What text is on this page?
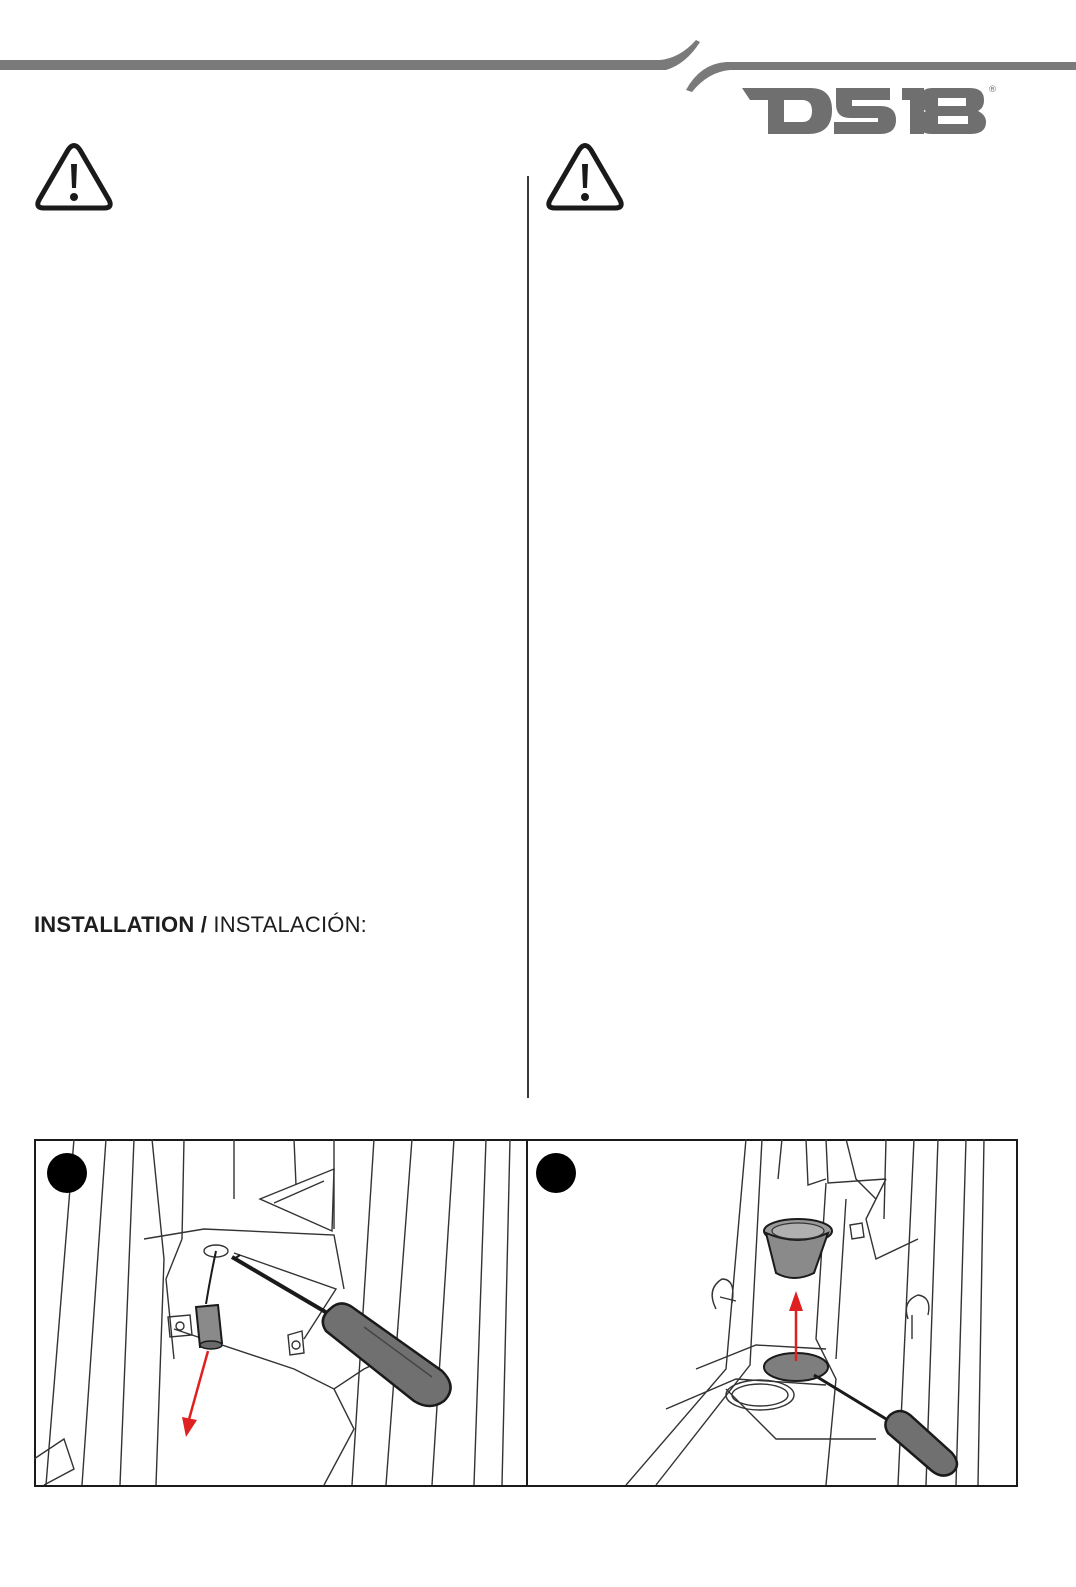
®
INSTALLATION / INSTALACIÓN:
1
